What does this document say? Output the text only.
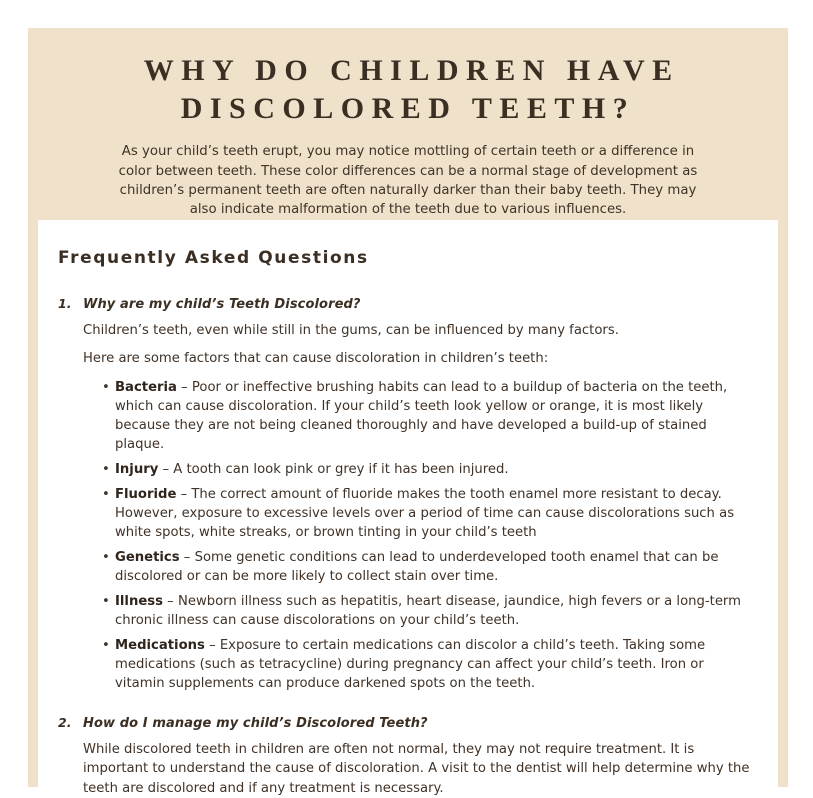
WHY DO CHILDREN HAVE DISCOLORED TEETH?

As your child’s teeth erupt, you may notice mottling of certain teeth or a difference in color between teeth. These color differences can be a normal stage of development as children’s permanent teeth are often naturally darker than their baby teeth. They may also indicate malformation of the teeth due to various influences.

Frequently Asked Questions
1. Why are my child’s Teeth Discolored?

Children’s teeth, even while still in the gums, can be influenced by many factors.

Here are some factors that can cause discoloration in children’s teeth:

• Bacteria – Poor or ineffective brushing habits can lead to a buildup of bacteria on the teeth, which can cause discoloration. If your child’s teeth look yellow or orange, it is most likely because they are not being cleaned thoroughly and have developed a build-up of stained plaque.
• Injury – A tooth can look pink or grey if it has been injured.
• Fluoride – The correct amount of fluoride makes the tooth enamel more resistant to decay. However, exposure to excessive levels over a period of time can cause discolorations such as white spots, white streaks, or brown tinting in your child’s teeth
• Genetics – Some genetic conditions can lead to underdeveloped tooth enamel that can be discolored or can be more likely to collect stain over time.
• Illness – Newborn illness such as hepatitis, heart disease, jaundice, high fevers or a long-term chronic illness can cause discolorations on your child’s teeth.
• Medications – Exposure to certain medications can discolor a child’s teeth. Taking some medications (such as tetracycline) during pregnancy can affect your child’s teeth. Iron or vitamin supplements can produce darkened spots on the teeth.
2. How do I manage my child’s Discolored Teeth?

While discolored teeth in children are often not normal, they may not require treatment. It is important to understand the cause of discoloration. A visit to the dentist will help determine why the teeth are discolored and if any treatment is necessary.
